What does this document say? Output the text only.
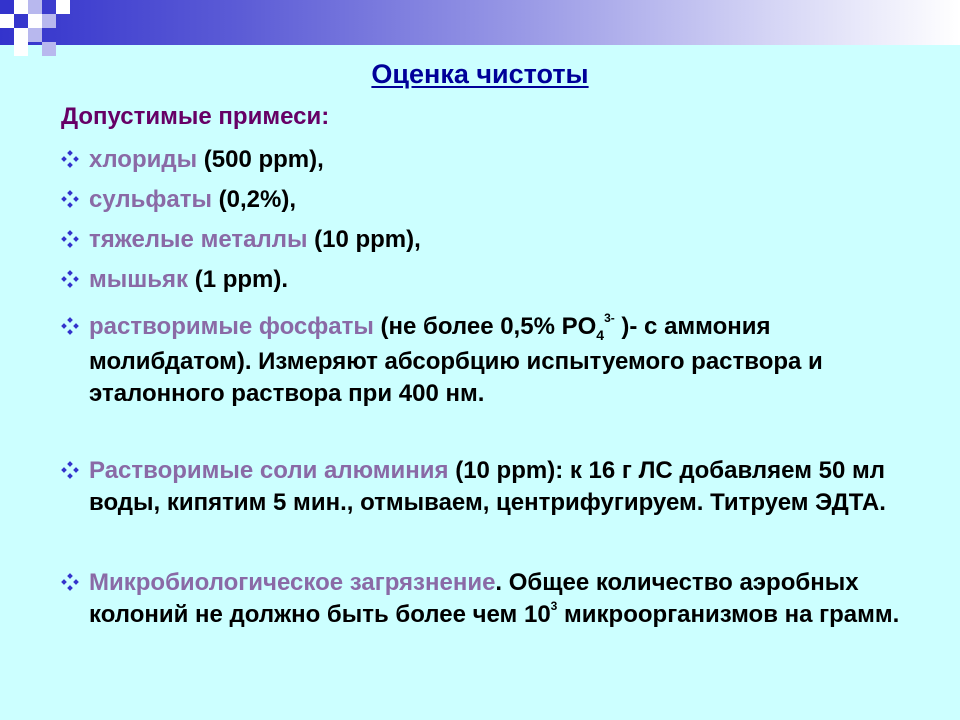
Оценка чистоты
Допустимые примеси:
хлориды (500 ppm),
сульфаты (0,2%),
тяжелые металлы (10 ppm),
мышьяк (1 ppm).
растворимые фосфаты (не более 0,5% $PO_4^{3-}$ )- с аммония молибдатом). Измеряют абсорбцию испытуемого раствора и эталонного раствора при 400 нм.
Растворимые соли алюминия (10 ppm): к 16 г ЛС добавляем 50 мл воды, кипятим 5 мин., отмываем, центрифугируем. Титруем ЭДТА.
Микробиологическое загрязнение. Общее количество аэробных колоний не должно быть более чем $10^3$ микроорганизмов на грамм.
